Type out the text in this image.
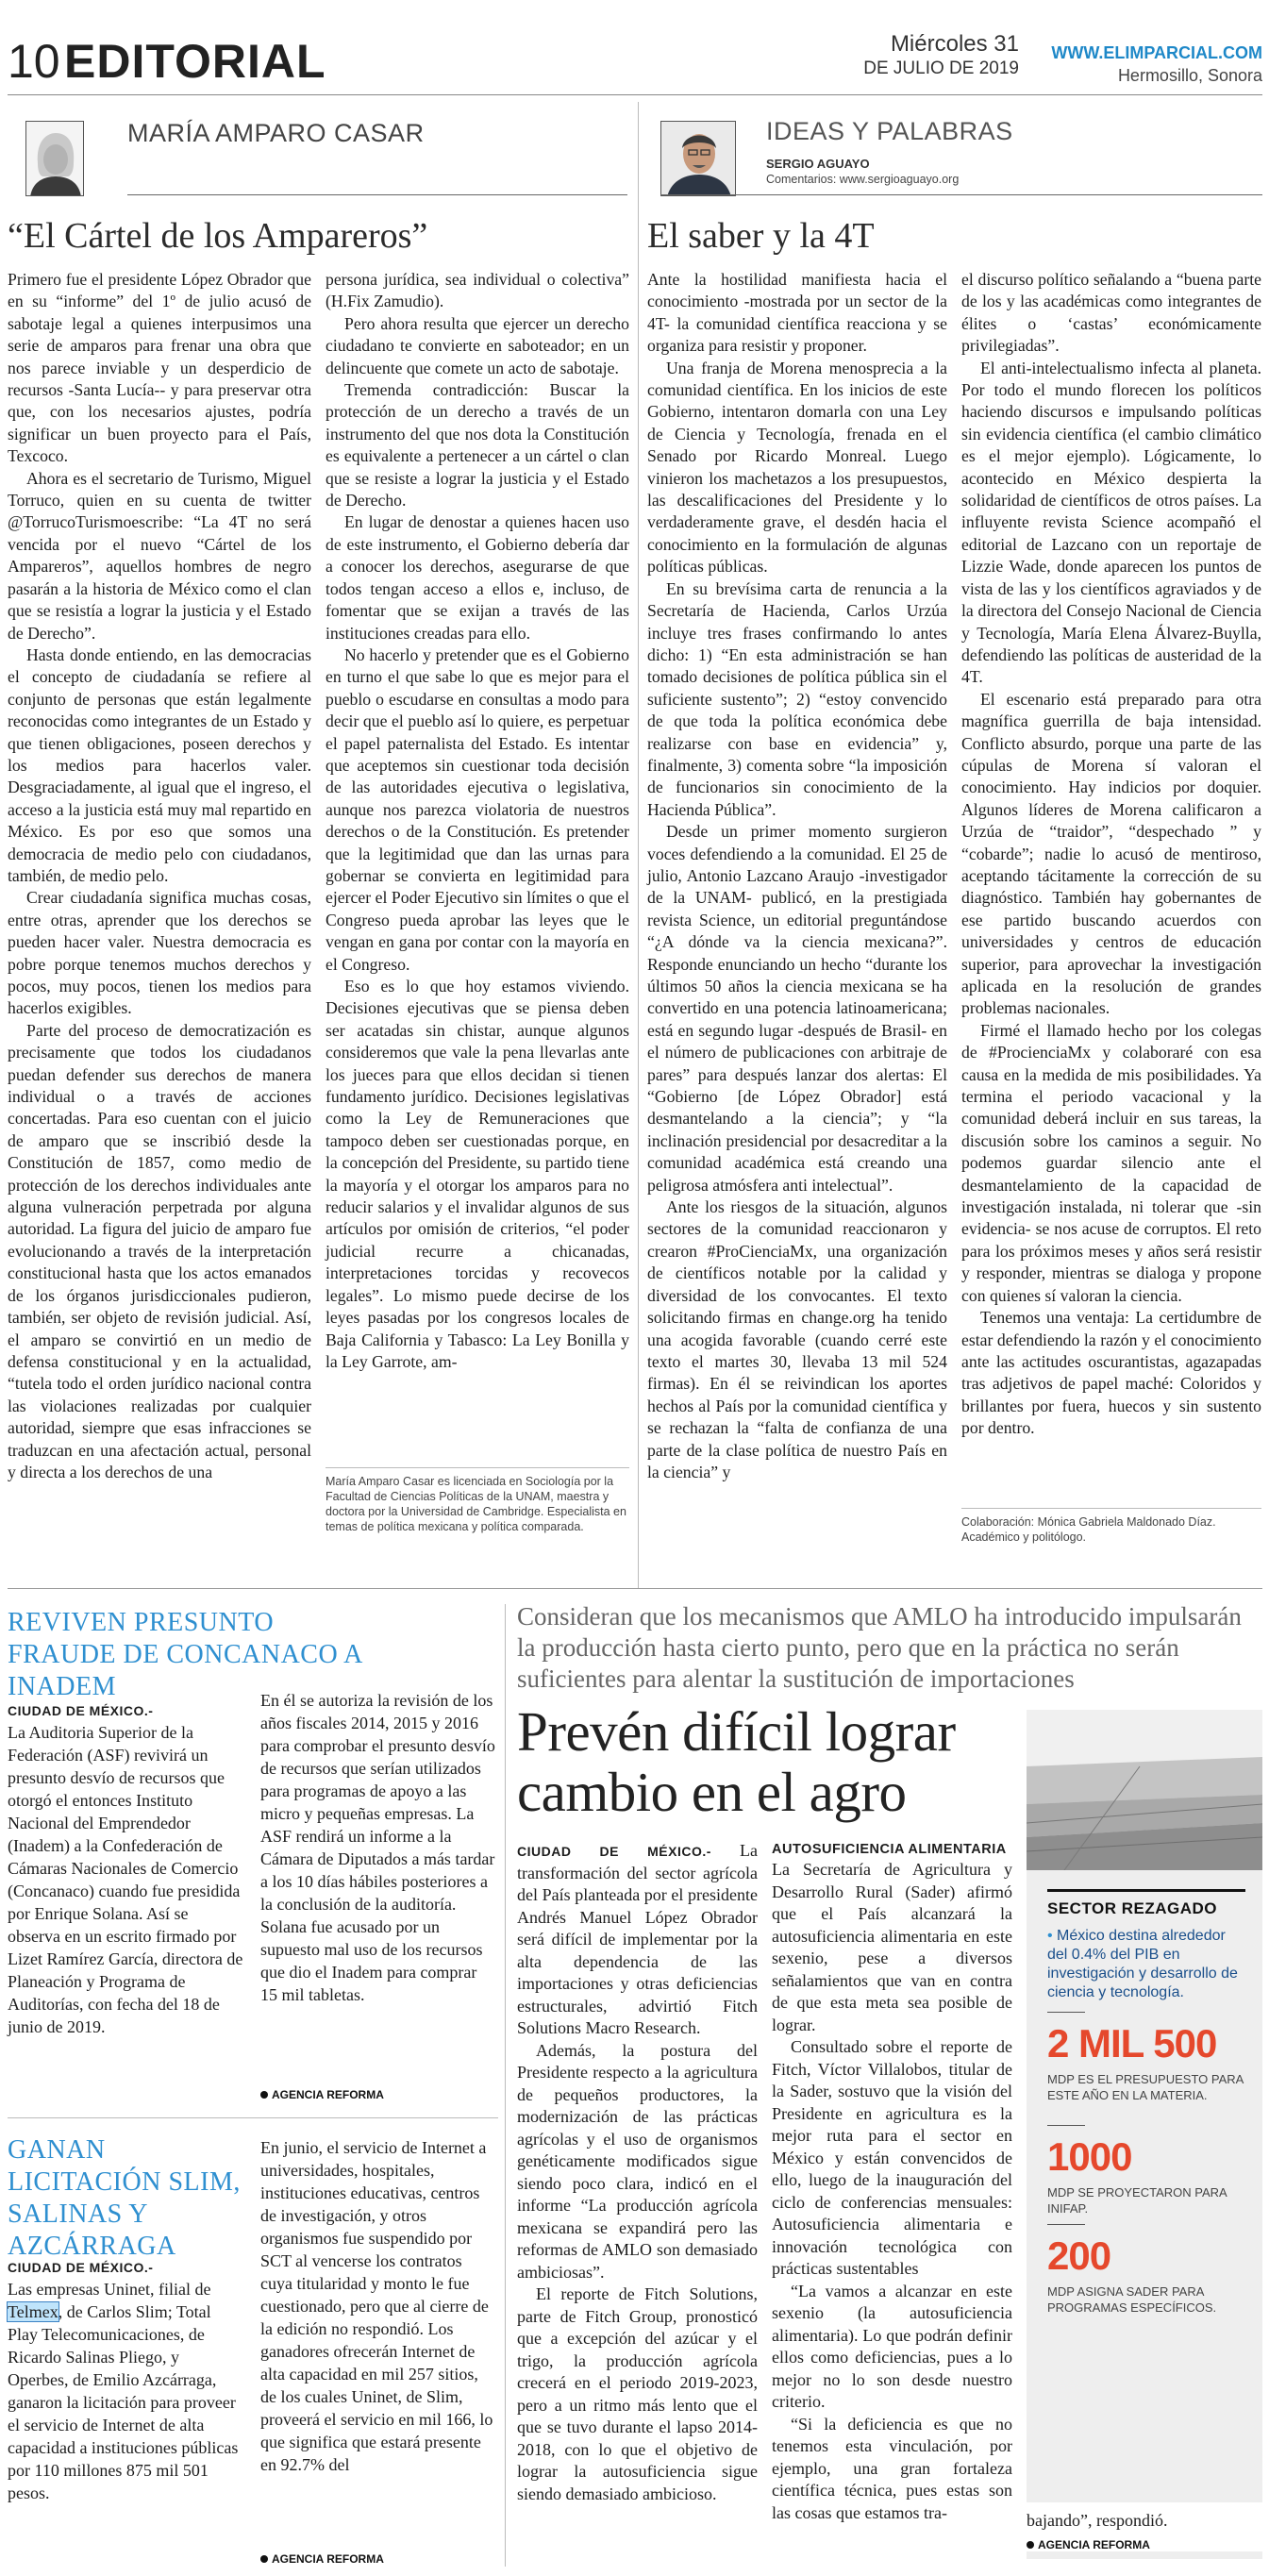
10 EDITORIAL	Miércoles 31
DE JULIO DE 2019
WWW.ELIMPARCIAL.COM
Hermosillo, Sonora
MARÍA AMPARO CASAR
“El Cártel de los Ampareros”

Primero fue el presidente López Obrador que en su “informe” del 1º de julio acusó de sabotaje legal a quienes interpusimos una serie de amparos para frenar una obra que nos parece inviable y un desperdicio de recursos -Santa Lucía-- y para preservar otra que, con los necesarios ajustes, podría significar un buen proyecto para el País, Texcoco.

Ahora es el secretario de Turismo, Miguel Torruco, quien en su cuenta de twitter @TorrucoTurismoescribe: “La 4T no será vencida por el nuevo “Cártel de los Ampareros”, aquellos hombres de negro pasarán a la historia de México como el clan que se resistía a lograr la justicia y el Estado de Derecho”.

Hasta donde entiendo, en las democracias el concepto de ciudadanía se refiere al conjunto de personas que están legalmente reconocidas como integrantes de un Estado y que tienen obligaciones, poseen derechos y los medios para hacerlos valer. Desgraciadamente, al igual que el ingreso, el acceso a la justicia está muy mal repartido en México. Es por eso que somos una democracia de medio pelo con ciudadanos, también, de medio pelo.

Crear ciudadanía significa muchas cosas, entre otras, aprender que los derechos se pueden hacer valer. Nuestra democracia es pobre porque tenemos muchos derechos y pocos, muy pocos, tienen los medios para hacerlos exigibles.

Parte del proceso de democratización es precisamente que todos los ciudadanos puedan defender sus derechos de manera individual o a través de acciones concertadas. Para eso cuentan con el juicio de amparo que se inscribió desde la Constitución de 1857, como medio de protección de los derechos individuales ante alguna vulneración perpetrada por alguna autoridad. La figura del juicio de amparo fue evolucionando a través de la interpretación constitucional hasta que los actos emanados de los órganos jurisdiccionales pudieron, también, ser objeto de revisión judicial. Así, el amparo se convirtió en un medio de defensa constitucional y en la actualidad, “tutela todo el orden jurídico nacional contra las violaciones realizadas por cualquier autoridad, siempre que esas infracciones se traduzcan en una afectación actual, personal y directa a los derechos de una

persona jurídica, sea individual o colectiva” (H.Fix Zamudio).

Pero ahora resulta que ejercer un derecho ciudadano te convierte en saboteador; en un delincuente que comete un acto de sabotaje.

Tremenda contradicción: Buscar la protección de un derecho a través de un instrumento del que nos dota la Constitución es equivalente a pertenecer a un cártel o clan que se resiste a lograr la justicia y el Estado de Derecho.

En lugar de denostar a quienes hacen uso de este instrumento, el Gobierno debería dar a conocer los derechos, asegurarse de que todos tengan acceso a ellos e, incluso, de fomentar que se exijan a través de las instituciones creadas para ello.

No hacerlo y pretender que es el Gobierno en turno el que sabe lo que es mejor para el pueblo o escudarse en consultas a modo para decir que el pueblo así lo quiere, es perpetuar el papel paternalista del Estado. Es intentar que aceptemos sin cuestionar toda decisión de las autoridades ejecutiva o legislativa, aunque nos parezca violatoria de nuestros derechos o de la Constitución. Es pretender que la legitimidad que dan las urnas para gobernar se convierta en legitimidad para ejercer el Poder Ejecutivo sin límites o que el Congreso pueda aprobar las leyes que le vengan en gana por contar con la mayoría en el Congreso.

Eso es lo que hoy estamos viviendo. Decisiones ejecutivas que se piensa deben ser acatadas sin chistar, aunque algunos consideremos que vale la pena llevarlas ante los jueces para que ellos decidan si tienen fundamento jurídico. Decisiones legislativas como la Ley de Remuneraciones que tampoco deben ser cuestionadas porque, en la concepción del Presidente, su partido tiene la mayoría y el otorgar los amparos para no reducir salarios y el invalidar algunos de sus artículos por omisión de criterios, “el poder judicial recurre a chicanadas, interpretaciones torcidas y recovecos legales”. Lo mismo puede decirse de los leyes pasadas por los congresos locales de Baja California y Tabasco: La Ley Bonilla y la Ley Garrote, am-

María Amparo Casar es licenciada en Sociología por la Facultad de Ciencias Políticas de la UNAM, maestra y doctora por la Universidad de Cambridge. Especialista en temas de política mexicana y política comparada.
IDEAS Y PALABRAS
SERGIO AGUAYO
Comentarios: www.sergioaguayo.org
El saber y la 4T

Ante la hostilidad manifiesta hacia el conocimiento -mostrada por un sector de la 4T- la comunidad científica reacciona y se organiza para resistir y proponer.

Una franja de Morena menosprecia a la comunidad científica. En los inicios de este Gobierno, intentaron domarla con una Ley de Ciencia y Tecnología, frenada en el Senado por Ricardo Monreal. Luego vinieron los machetazos a los presupuestos, las descalificaciones del Presidente y lo verdaderamente grave, el desdén hacia el conocimiento en la formulación de algunas políticas públicas.

En su brevísima carta de renuncia a la Secretaría de Hacienda, Carlos Urzúa incluye tres frases confirmando lo antes dicho: 1) “En esta administración se han tomado decisiones de política pública sin el suficiente sustento”; 2) “estoy convencido de que toda la política económica debe realizarse con base en evidencia” y, finalmente, 3) comenta sobre “la imposición de funcionarios sin conocimiento de la Hacienda Pública”.

Desde un primer momento surgieron voces defendiendo a la comunidad. El 25 de julio, Antonio Lazcano Araujo -investigador de la UNAM- publicó, en la prestigiada revista Science, un editorial preguntándose “¿A dónde va la ciencia mexicana?”. Responde enunciando un hecho “durante los últimos 50 años la ciencia mexicana se ha convertido en una potencia latinoamericana; está en segundo lugar -después de Brasil- en el número de publicaciones con arbitraje de pares” para después lanzar dos alertas: El “Gobierno [de López Obrador] está desmantelando a la ciencia”; y “la inclinación presidencial por desacreditar a la comunidad académica está creando una peligrosa atmósfera anti intelectual”.

Ante los riesgos de la situación, algunos sectores de la comunidad reaccionaron y crearon #ProCienciaMx, una organización de científicos notable por la calidad y diversidad de los convocantes. El texto solicitando firmas en change.org ha tenido una acogida favorable (cuando cerré este texto el martes 30, llevaba 13 mil 524 firmas). En él se reivindican los aportes hechos al País por la comunidad científica y se rechazan la “falta de confianza de una parte de la clase política de nuestro País en la ciencia” y

el discurso político señalando a “buena parte de los y las académicas como integrantes de élites o ‘castas’ económicamente privilegiadas”.

El anti-intelectualismo infecta al planeta. Por todo el mundo florecen los políticos haciendo discursos e impulsando políticas sin evidencia científica (el cambio climático es el mejor ejemplo). Lógicamente, lo acontecido en México despierta la solidaridad de científicos de otros países. La influyente revista Science acompañó el editorial de Lazcano con un reportaje de Lizzie Wade, donde aparecen los puntos de vista de las y los científicos agraviados y de la directora del Consejo Nacional de Ciencia y Tecnología, María Elena Álvarez-Buylla, defendiendo las políticas de austeridad de la 4T.

El escenario está preparado para otra magnífica guerrilla de baja intensidad. Conflicto absurdo, porque una parte de las cúpulas de Morena sí valoran el conocimiento. Hay indicios por doquier. Algunos líderes de Morena calificaron a Urzúa de “traidor”, “despechado ” y “cobarde”; nadie lo acusó de mentiroso, aceptando tácitamente la corrección de su diagnóstico. También hay gobernantes de ese partido buscando acuerdos con universidades y centros de educación superior, para aprovechar la investigación aplicada en la resolución de grandes problemas nacionales.

Firmé el llamado hecho por los colegas de #ProcienciaMx y colaboraré con esa causa en la medida de mis posibilidades. Ya termina el periodo vacacional y la comunidad deberá incluir en sus tareas, la discusión sobre los caminos a seguir. No podemos guardar silencio ante el desmantelamiento de la capacidad de investigación instalada, ni tolerar que -sin evidencia- se nos acuse de corruptos. El reto para los próximos meses y años será resistir y responder, mientras se dialoga y propone con quienes sí valoran la ciencia.

Tenemos una ventaja: La certidumbre de estar defendiendo la razón y el conocimiento ante las actitudes oscurantistas, agazapadas tras adjetivos de papel maché: Coloridos y brillantes por fuera, huecos y sin sustento por dentro.

Colaboración: Mónica Gabriela Maldonado Díaz. Académico y politólogo.
REVIVEN PRESUNTO FRAUDE DE CONCANACO A INADEM
CIUDAD DE MÉXICO.-
La Auditoria Superior de la Federación (ASF) revivirá un presunto desvío de recursos que otorgó el entonces Instituto Nacional del Emprendedor (Inadem) a la Confederación de Cámaras Nacionales de Comercio (Concanaco) cuando fue presidida por Enrique Solana. Así se observa en un escrito firmado por Lizet Ramírez García, directora de Planeación y Programa de Auditorías, con fecha del 18 de junio de 2019.
En él se autoriza la revisión de los años fiscales 2014, 2015 y 2016 para comprobar el presunto desvío de recursos que serían utilizados para programas de apoyo a las micro y pequeñas empresas. La ASF rendirá un informe a la Cámara de Diputados a más tardar a los 10 días hábiles posteriores a la conclusión de la auditoría. Solana fue acusado por un supuesto mal uso de los recursos que dio el Inadem para comprar 15 mil tabletas.
AGENCIA REFORMA
GANAN LICITACIÓN SLIM, SALINAS Y AZCÁRRAGA
CIUDAD DE MÉXICO.-
Las empresas Uninet, filial de Telmex, de Carlos Slim; Total Play Telecomunicaciones, de Ricardo Salinas Pliego, y Operbes, de Emilio Azcárraga, ganaron la licitación para proveer el servicio de Internet de alta capacidad a instituciones públicas por 110 millones 875 mil 501 pesos.
En junio, el servicio de Internet a universidades, hospitales, instituciones educativas, centros de investigación, y otros organismos fue suspendido por SCT al vencerse los contratos cuya titularidad y monto le fue cuestionado, pero que al cierre de la edición no respondió. Los ganadores ofrecerán Internet de alta capacidad en mil 257 sitios, de los cuales Uninet, de Slim, proveerá el servicio en mil 166, lo que significa que estará presente en 92.7% del
AGENCIA REFORMA
Consideran que los mecanismos que AMLO ha introducido impulsarán la producción hasta cierto punto, pero que en la práctica no serán suficientes para alentar la sustitución de importaciones
Prevén difícil lograr cambio en el agro

CIUDAD DE MÉXICO.- La transformación del sector agrícola del País planteada por el presidente Andrés Manuel López Obrador será difícil de implementar por la alta dependencia de las importaciones y otras deficiencias estructurales, advirtió Fitch Solutions Macro Research.

Además, la postura del Presidente respecto a la agricultura de pequeños productores, la modernización de las prácticas agrícolas y el uso de organismos genéticamente modificados sigue siendo poco clara, indicó en el informe “La producción agrícola mexicana se expandirá pero las reformas de AMLO son demasiado ambiciosas”.

El reporte de Fitch Solutions, parte de Fitch Group, pronosticó que a excepción del azúcar y el trigo, la producción agrícola crecerá en el periodo 2019-2023, pero a un ritmo más lento que el que se tuvo durante el lapso 2014-2018, con lo que el objetivo de lograr la autosuficiencia sigue siendo demasiado ambicioso.

AUTOSUFICIENCIA ALIMENTARIA

La Secretaría de Agricultura y Desarrollo Rural (Sader) afirmó que el País alcanzará la autosuficiencia alimentaria en este sexenio, pese a diversos señalamientos que van en contra de que esta meta sea posible de lograr.

Consultado sobre el reporte de Fitch, Víctor Villalobos, titular de la Sader, sostuvo que la visión del Presidente en agricultura es la mejor ruta para el sector en México y están convencidos de ello, luego de la inauguración del ciclo de conferencias mensuales: Autosuficiencia alimentaria e innovación tecnológica con prácticas sustentables

“La vamos a alcanzar en este sexenio (la autosuficiencia alimentaria). Lo que podrán definir ellos como deficiencias, pues a lo mejor no lo son desde nuestro criterio.

“Si la deficiencia es que no tenemos esta vinculación, por ejemplo, una gran fortaleza científica técnica, pues estas son las cosas que estamos tra-

SECTOR REZAGADO
• México destina alrededor del 0.4% del PIB en investigación y desarrollo de ciencia y tecnología.
2 MIL 500
MDP ES EL PRESUPUESTO PARA ESTE AÑO EN LA MATERIA.
1000
MDP SE PROYECTARON PARA INIFAP.
200
MDP ASIGNA SADER PARA PROGRAMAS ESPECÍFICOS.

bajando”, respondió.

AGENCIA REFORMA
